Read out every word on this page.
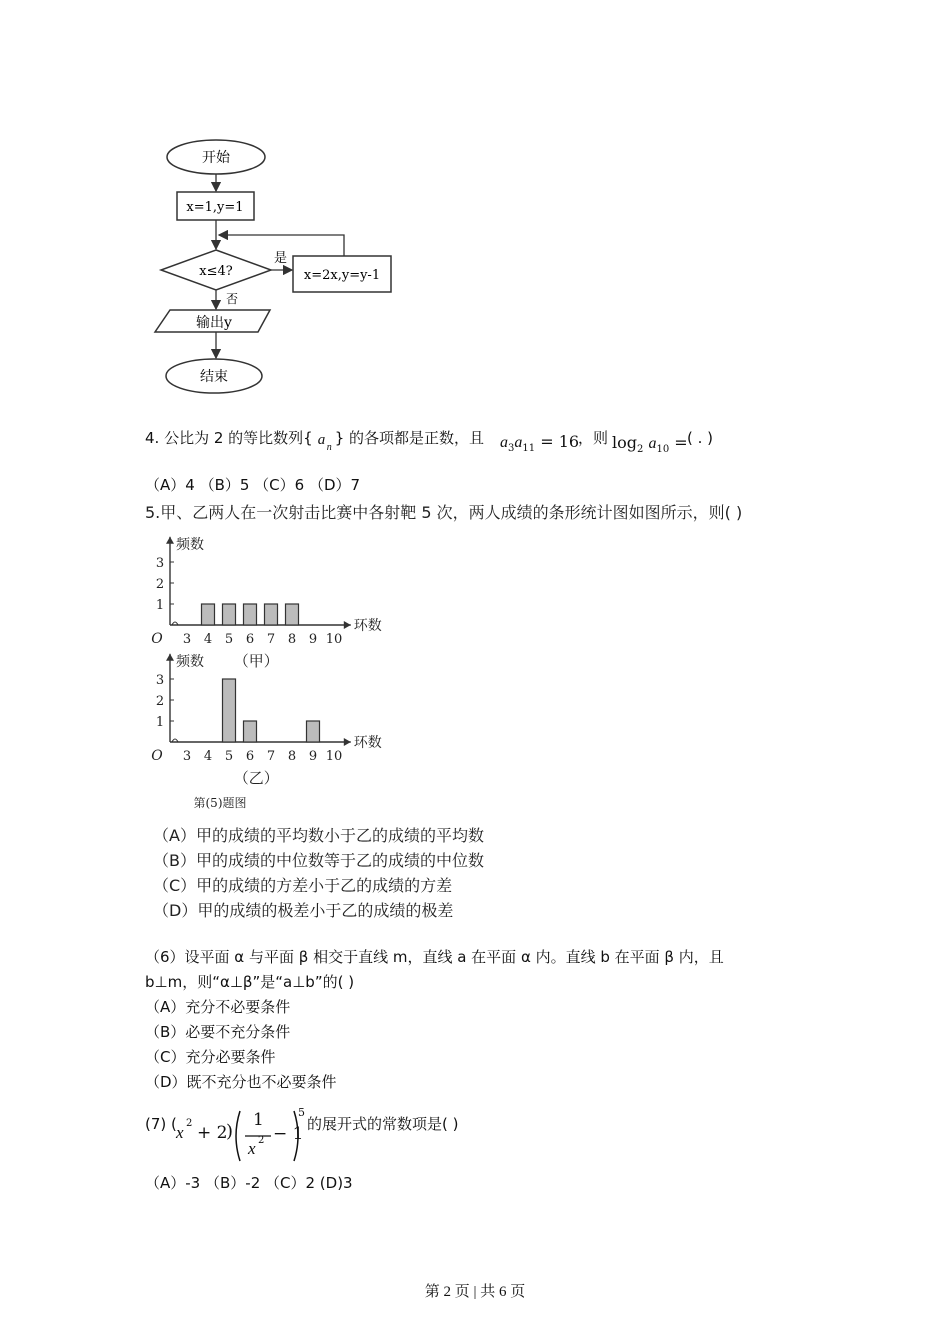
开始
x=1,y=1
x≤4?
是
x=2x,y=y-1
否
输出y
结束
4. 公比为 2 的等比数列{ a n
} 的各项都是正数，且 $a_3a_{11} = 16$
，则 $\log_2 a_{10}$ = ( . )
（A）4 （B）5 （C）6 （D）7
5.甲、乙两人在一次射击比赛中各射靶 5 次，两人成绩的条形统计图如图所示，则( )
频数
环数
O
1
2
3
3 4 5 6 7 8 9 10
（甲）
频数
环数
O
1
2
3
3 4 5 6 7 8 9 10
（乙）
第(5)题图
（A）甲的成绩的平均数小于乙的成绩的平均数
（B）甲的成绩的中位数等于乙的成绩的中位数
（C）甲的成绩的方差小于乙的成绩的方差
（D）甲的成绩的极差小于乙的成绩的极差
（6）设平面 α 与平面 β 相交于直线 m，直线 a 在平面 α 内。直线 b 在平面 β 内，且
b⊥m，则“α⊥β”是“a⊥b”的( )
（A）充分不必要条件
（B）必要不充分条件
（C）充分必要条件
（D）既不充分也不必要条件
(7) ( x 2 + 2
)
1
x 2 − 1
5
的展开式的常数项是( )
（A）-3 （B）-2 （C）2 (D)3
第 2 页 | 共 6 页
